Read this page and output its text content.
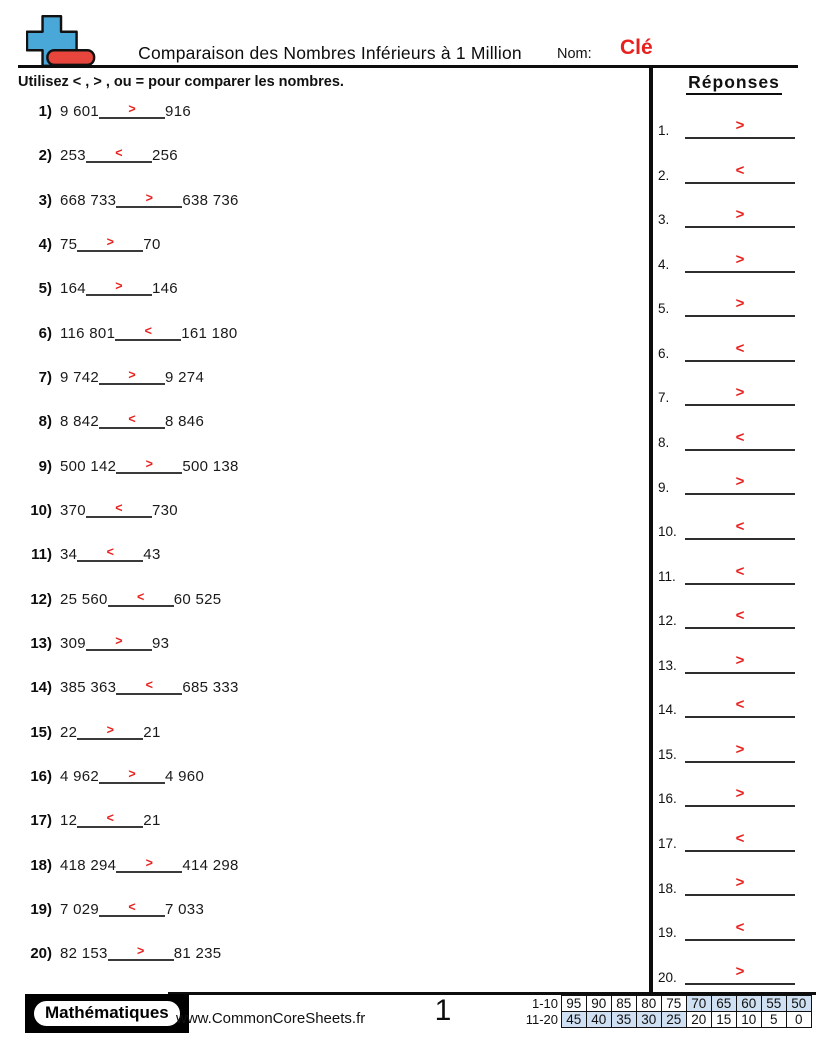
Comparaison des Nombres Inférieurs à 1 Million	Nom: Clé
Utilisez < , > , ou = pour comparer les nombres.
1) 9 601	>	916
2) 253	<	256
3) 668 733	>	638 736
4) 75	>	70
5) 164	>	146
6) 116 801	<	161 180
7) 9 742	>	9 274
8) 8 842	<	8 846
9) 500 142	>	500 138
10) 370	<	730
11) 34	<	43
12) 25 560	<	60 525
13) 309	>	93
14) 385 363	<	685 333
15) 22	>	21
16) 4 962	>	4 960
17) 12	<	21
18) 418 294	>	414 298
19) 7 029	<	7 033
20) 82 153	>	81 235
Réponses
1.	>
2.	<
3.	>
4.	>
5.	>
6.	<
7.	>
8.	<
9.	>
10.	<
11.	<
12.	<
13.	>
14.	<
15.	>
16.	>
17.	<
18.	>
19.	<
20.	>
Mathématiques www.CommonCoreSheets.fr	1	1-10 95 90 85 80 75 70 65 60 55 50
11-20 45 40 35 30 25 20 15 10	5	0
